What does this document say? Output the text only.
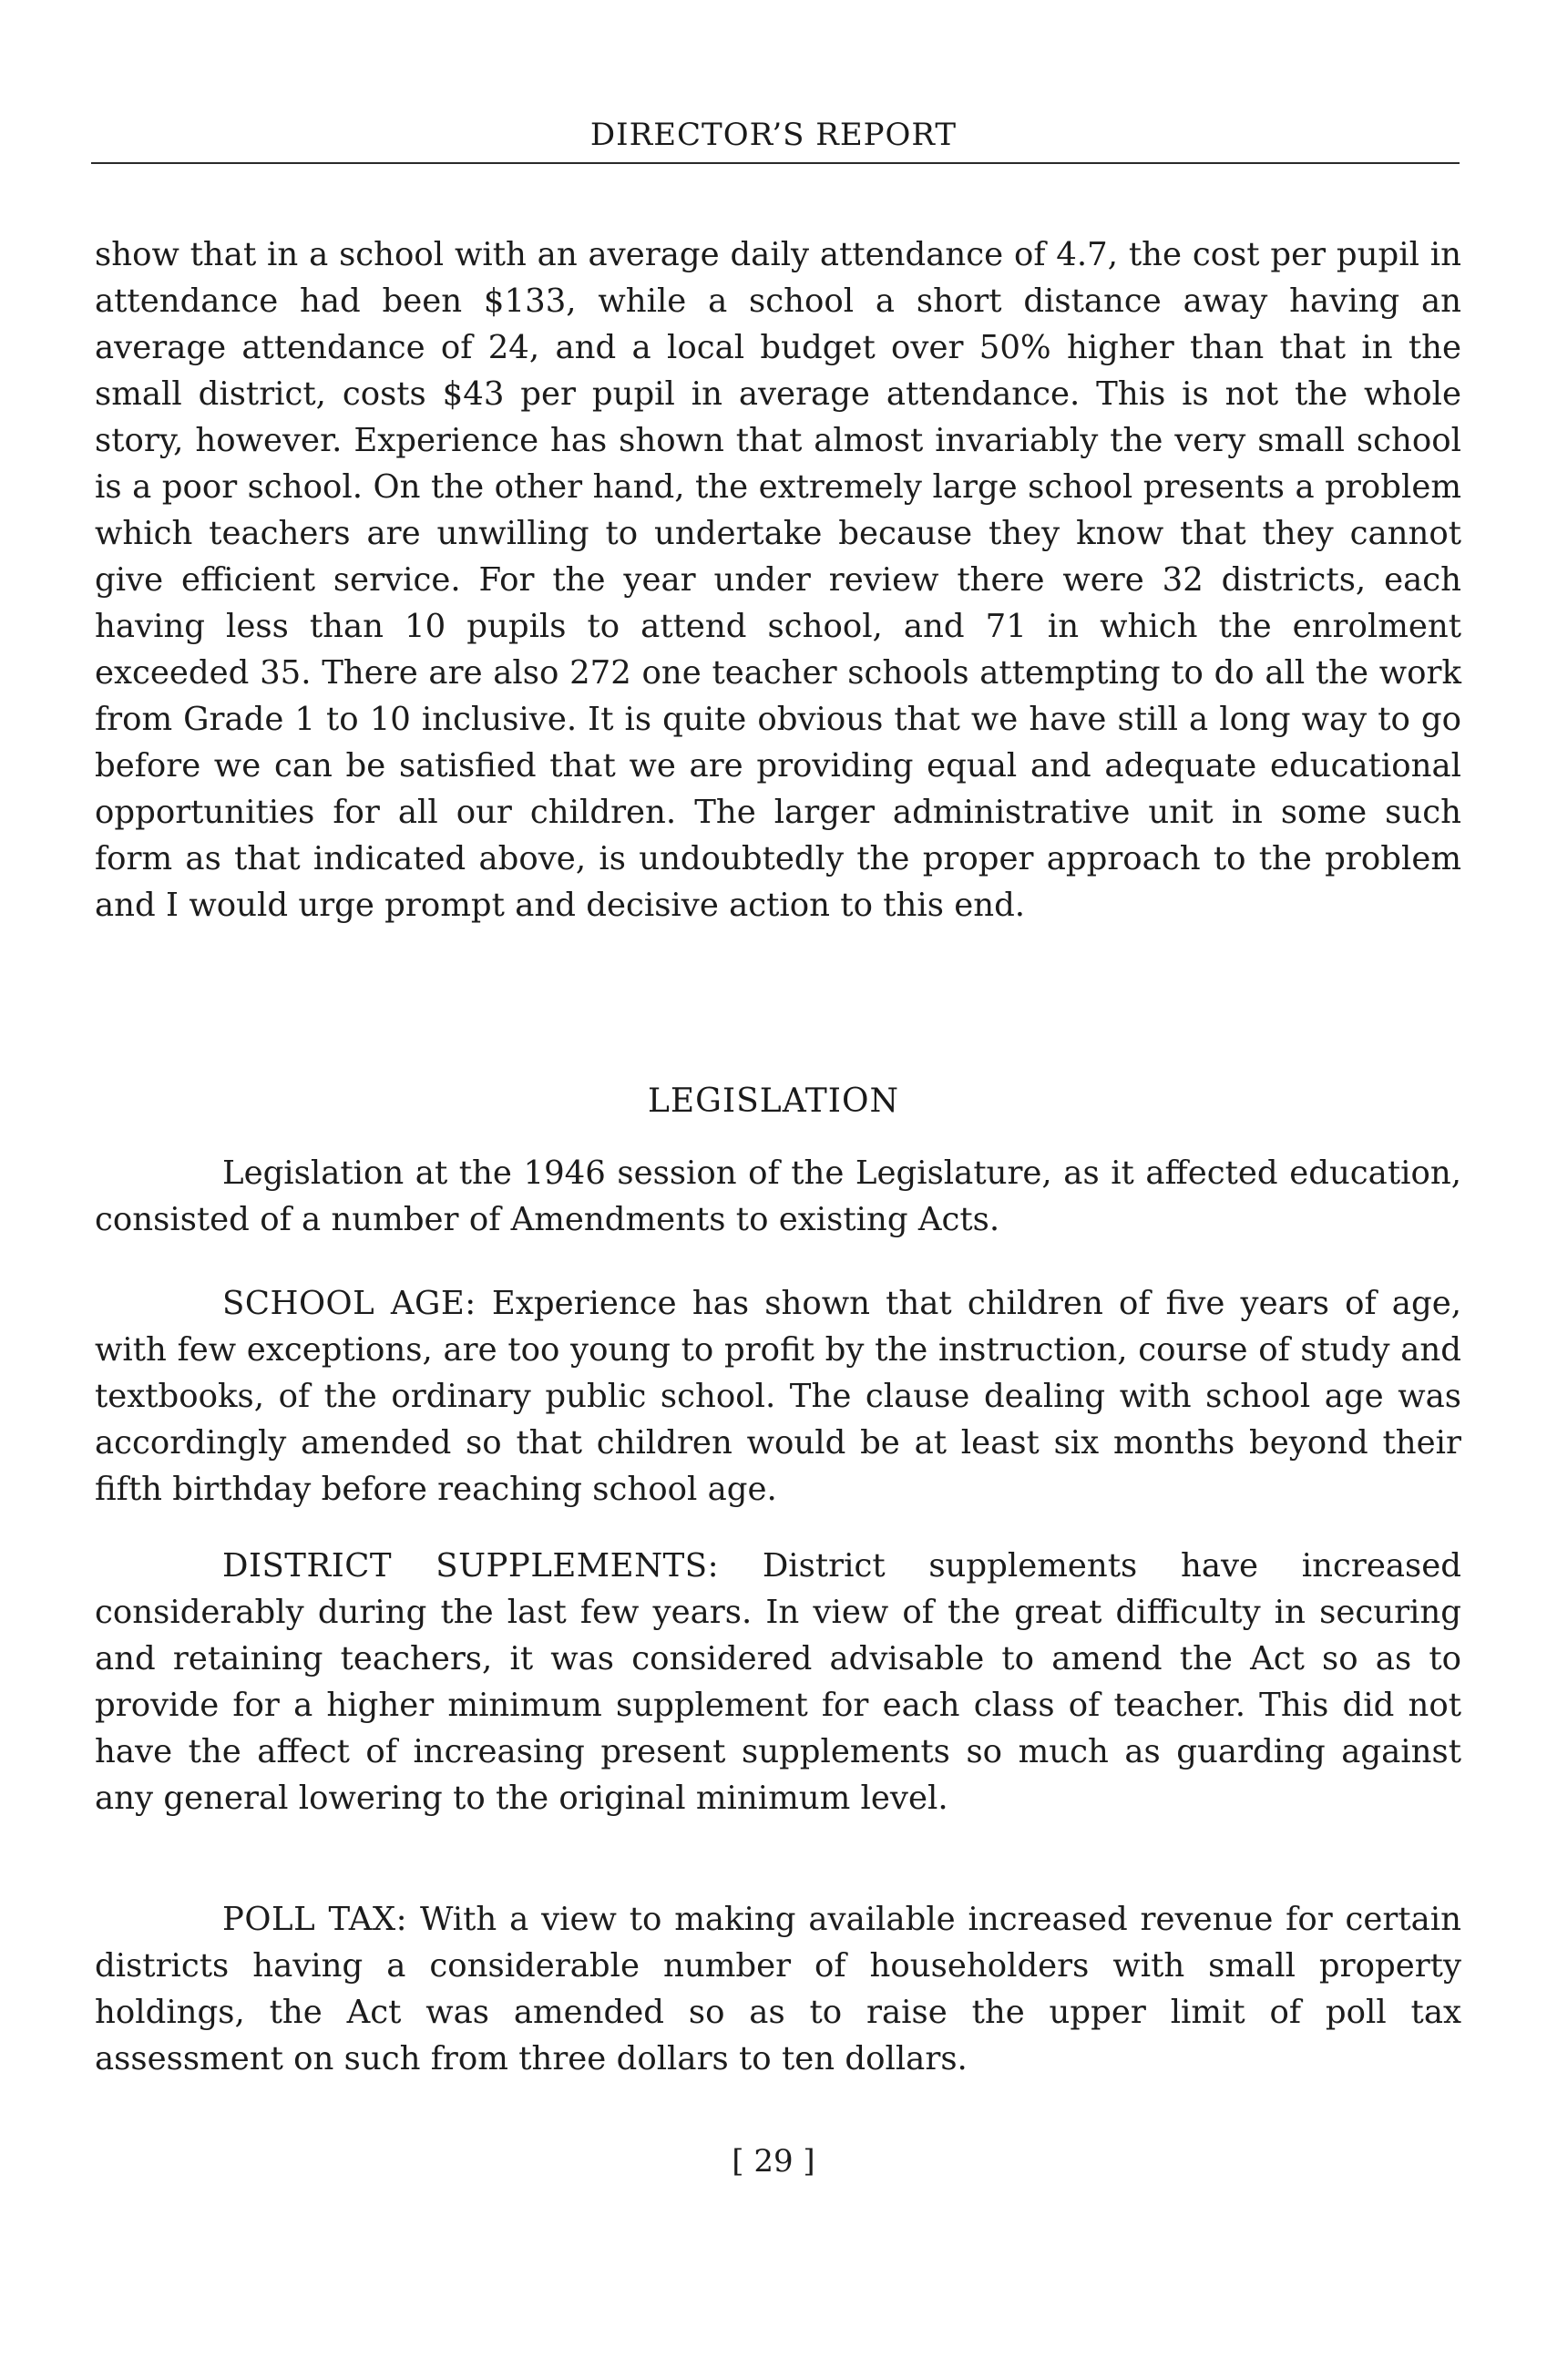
DIRECTOR’S REPORT

show that in a school with an average daily attendance of 4.7, the cost per pupil in attendance had been $133, while a school a short distance away having an average attendance of 24, and a local budget over 50% higher than that in the small district, costs $43 per pupil in average attendance. This is not the whole story, however. Experience has shown that almost invariably the very small school is a poor school. On the other hand, the extremely large school presents a problem which teachers are unwilling to undertake because they know that they cannot give efficient service. For the year under review there were 32 districts, each having less than 10 pupils to attend school, and 71 in which the enrolment exceeded 35. There are also 272 one teacher schools attempting to do all the work from Grade 1 to 10 inclusive. It is quite obvious that we have still a long way to go before we can be satisfied that we are providing equal and adequate educational opportunities for all our children. The larger administrative unit in some such form as that indicated above, is undoubtedly the proper approach to the problem and I would urge prompt and decisive action to this end.

LEGISLATION

Legislation at the 1946 session of the Legislature, as it affected education, consisted of a number of Amendments to existing Acts.

SCHOOL AGE: Experience has shown that children of five years of age, with few exceptions, are too young to profit by the instruction, course of study and textbooks, of the ordinary public school. The clause dealing with school age was accordingly amended so that children would be at least six months beyond their fifth birthday before reaching school age.

DISTRICT SUPPLEMENTS: District supplements have increased considerably during the last few years. In view of the great difficulty in securing and retaining teachers, it was considered advisable to amend the Act so as to provide for a higher minimum supplement for each class of teacher. This did not have the affect of increasing present supplements so much as guarding against any general lowering to the original minimum level.

POLL TAX: With a view to making available increased revenue for certain districts having a considerable number of householders with small property holdings, the Act was amended so as to raise the upper limit of poll tax assessment on such from three dollars to ten dollars.

[ 29 ]
